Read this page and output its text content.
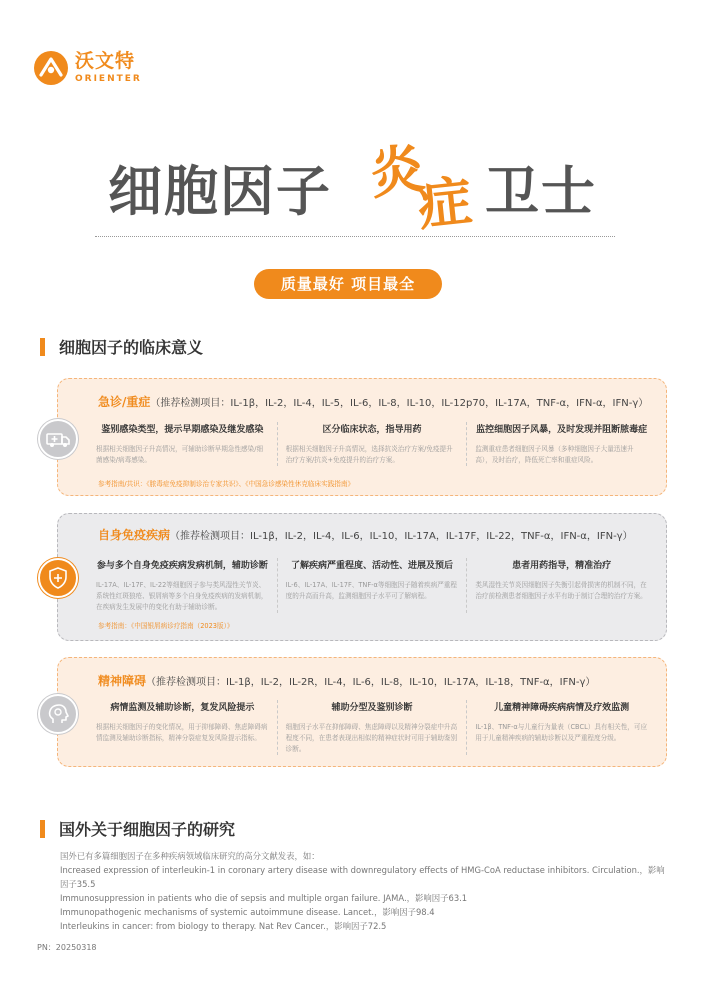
沃文特
ORIENTER
细胞因子 炎
症 卫士
质量最好 项目最全
细胞因子的临床意义
急诊/重症（推荐检测项目：IL-1β，IL-2，IL-4，IL-5，IL-6，IL-8，IL-10，IL-12p70，IL-17A，TNF-α，IFN-α，IFN-γ）
鉴别感染类型，提示早期感染及继发感染

根据相关细胞因子升高情况，可辅助诊断早期急性感染/细菌感染/病毒感染。

区分临床状态，指导用药

根据相关细胞因子升高情况，选择抗炎治疗方案/免疫提升治疗方案/抗炎+免疫提升的治疗方案。

监控细胞因子风暴，及时发现并阻断脓毒症

监测重症患者细胞因子风暴（多种细胞因子大量迅速升高），及时治疗，降低死亡率和重症风险。

参考指南/共识：《脓毒症免疫抑制诊治专家共识》、《中国急诊感染性休克临床实践指南》
自身免疫疾病（推荐检测项目：IL-1β，IL-2，IL-4，IL-6，IL-10，IL-17A，IL-17F，IL-22，TNF-α，IFN-α，IFN-γ）
参与多个自身免疫疾病发病机制，辅助诊断

IL-17A、IL-17F、IL-22等细胞因子参与类风湿性关节炎、系统性红斑狼疮、银屑病等多个自身免疫疾病的发病机制，在疾病发生发展中的变化有助于辅助诊断。

了解疾病严重程度、活动性、进展及预后

IL-6、IL-17A、IL-17F、TNF-α等细胞因子随着疾病严重程度的升高而升高，监测细胞因子水平可了解病程。

患者用药指导，精准治疗

类风湿性关节炎因细胞因子失衡引起骨损害的机制不同，在治疗前检测患者细胞因子水平有助于制订合理的治疗方案。

参考指南：《中国银屑病诊疗指南（2023版）》
精神障碍（推荐检测项目：IL-1β，IL-2，IL-2R，IL-4，IL-6，IL-8，IL-10，IL-17A，IL-18，TNF-α，IFN-γ）
病情监测及辅助诊断，复发风险提示

根据相关细胞因子的变化情况，用于抑郁障碍、焦虑障碍病情监测及辅助诊断指标，精神分裂症复发风险提示指标。

辅助分型及鉴别诊断

细胞因子水平在抑郁障碍、焦虑障碍以及精神分裂症中升高程度不同，在患者表现出相似的精神症状时可用于辅助鉴别诊断。

儿童精神障碍疾病病情及疗效监测

IL-1β、TNF-α与儿童行为量表（CBCL）具有相关性，可应用于儿童精神疾病的辅助诊断以及严重程度分级。

国外关于细胞因子的研究
国外已有多篇细胞因子在多种疾病领域临床研究的高分文献发表，如：
Increased expression of interleukin-1 in coronary artery disease with downregulatory effects of HMG-CoA reductase inhibitors. Circulation.，影响因子35.5
Immunosuppression in patients who die of sepsis and multiple organ failure. JAMA.，影响因子63.1
Immunopathogenic mechanisms of systemic autoimmune disease. Lancet.，影响因子98.4
Interleukins in cancer: from biology to therapy. Nat Rev Cancer.，影响因子72.5
PN：20250318
